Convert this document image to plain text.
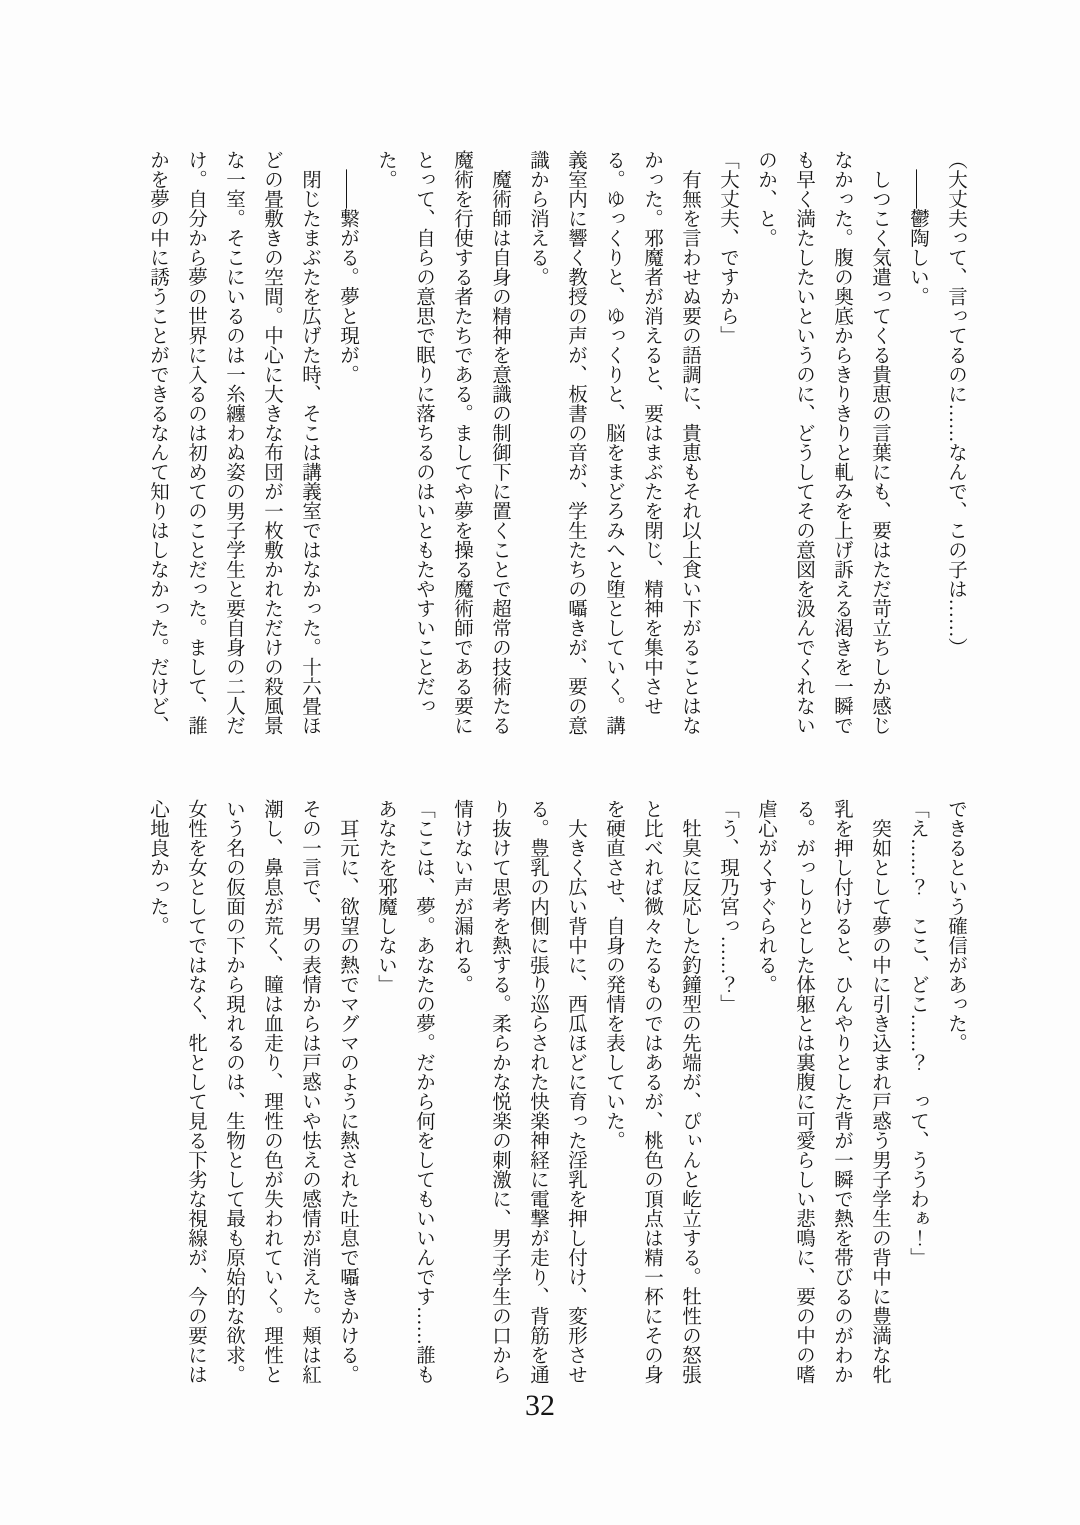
（大丈夫って、言ってるのに……なんで、この子は……）

　――鬱陶しい。

　しつこく気遣ってくる貴恵の言葉にも、要はただ苛立ちしか感じ

なかった。腹の奥底からきりきりと軋みを上げ訴える渇きを一瞬で

も早く満たしたいというのに、どうしてその意図を汲んでくれない

のか、と。

「大丈夫、ですから」

　有無を言わせぬ要の語調に、貴恵もそれ以上食い下がることはな

かった。邪魔者が消えると、要はまぶたを閉じ、精神を集中させ

る。ゆっくりと、ゆっくりと、脳をまどろみへと堕としていく。講

義室内に響く教授の声が、板書の音が、学生たちの囁きが、要の意

識から消える。

　魔術師は自身の精神を意識の制御下に置くことで超常の技術たる

魔術を行使する者たちである。ましてや夢を操る魔術師である要に

とって、自らの意思で眠りに落ちるのはいともたやすいことだっ

た。

　――繋がる。夢と現が。

　閉じたまぶたを広げた時、そこは講義室ではなかった。十六畳ほ

どの畳敷きの空間。中心に大きな布団が一枚敷かれただけの殺風景

な一室。そこにいるのは一糸纏わぬ姿の男子学生と要自身の二人だ

け。自分から夢の世界に入るのは初めてのことだった。まして、誰

かを夢の中に誘うことができるなんて知りはしなかった。だけど、

できるという確信があった。

「え……？　ここ、どこ……？　って、ううわぁ！」

　突如として夢の中に引き込まれ戸惑う男子学生の背中に豊満な牝

乳を押し付けると、ひんやりとした背が一瞬で熱を帯びるのがわか

る。がっしりとした体躯とは裏腹に可愛らしい悲鳴に、要の中の嗜

虐心がくすぐられる。

「う、現乃宮っ……？」

　牡臭に反応した釣鐘型の先端が、ぴぃんと屹立する。牡性の怒張

と比べれば微々たるものではあるが、桃色の頂点は精一杯にその身

を硬直させ、自身の発情を表していた。

　大きく広い背中に、西瓜ほどに育った淫乳を押し付け、変形させ

る。豊乳の内側に張り巡らされた快楽神経に電撃が走り、背筋を通

り抜けて思考を熱する。柔らかな悦楽の刺激に、男子学生の口から

情けない声が漏れる。

「ここは、夢。あなたの夢。だから何をしてもいいんです……誰も

あなたを邪魔しない」

　耳元に、欲望の熱でマグマのように熱された吐息で囁きかける。

その一言で、男の表情からは戸惑いや怯えの感情が消えた。頬は紅

潮し、鼻息が荒く、瞳は血走り、理性の色が失われていく。理性と

いう名の仮面の下から現れるのは、生物として最も原始的な欲求。

女性を女としてではなく、牝として見る下劣な視線が、今の要には

心地良かった。

32
